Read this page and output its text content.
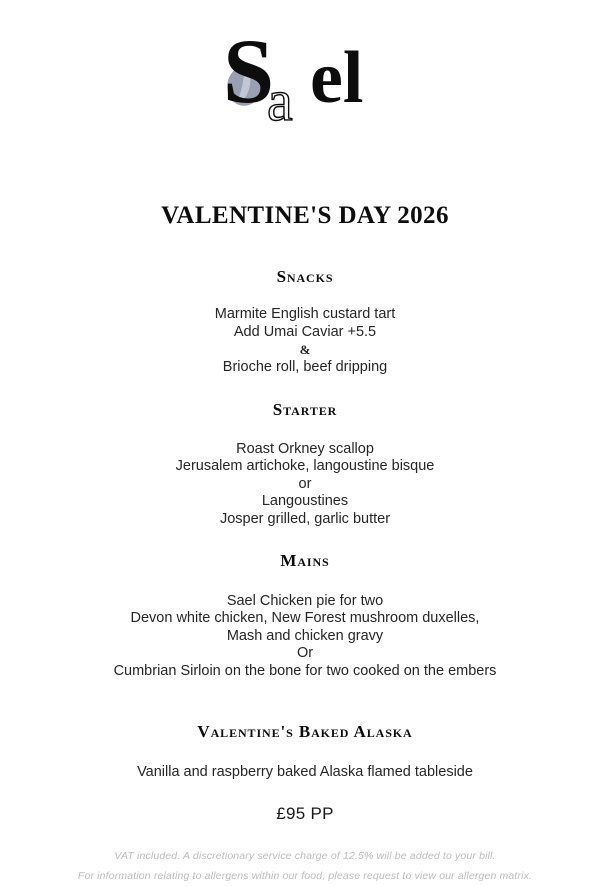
S
a el
VALENTINE'S DAY 2026
Snacks
Marmite English custard tart
Add Umai Caviar +5.5
&
Brioche roll, beef dripping
Starter
Roast Orkney scallop
Jerusalem artichoke, langoustine bisque
or
Langoustines
Josper grilled, garlic butter
Mains
Sael Chicken pie for two
Devon white chicken, New Forest mushroom duxelles,
Mash and chicken gravy
Or
Cumbrian Sirloin on the bone for two cooked on the embers
Valentine's Baked Alaska
Vanilla and raspberry baked Alaska flamed tableside
£95 PP
VAT included. A discretionary service charge of 12.5% will be added to your bill.
For information relating to allergens within our food, please request to view our allergen matrix.
